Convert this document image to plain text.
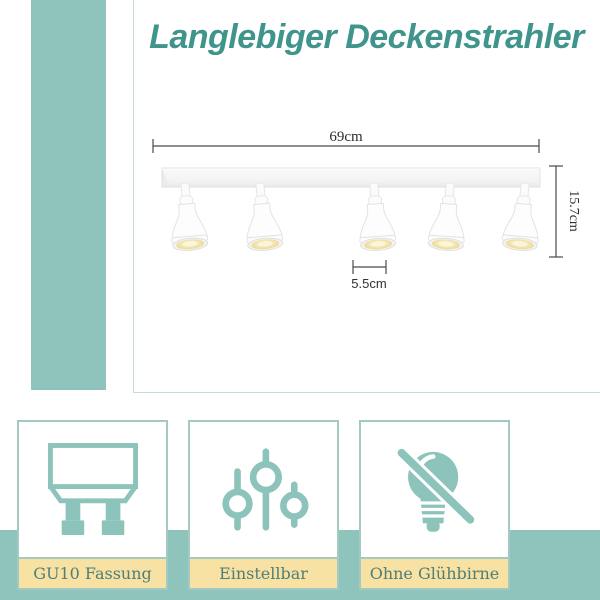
Langlebiger Deckenstrahler
69cm
15.7cm
5.5cm
GU10 Fassung	Einstellbar	Ohne Glühbirne
